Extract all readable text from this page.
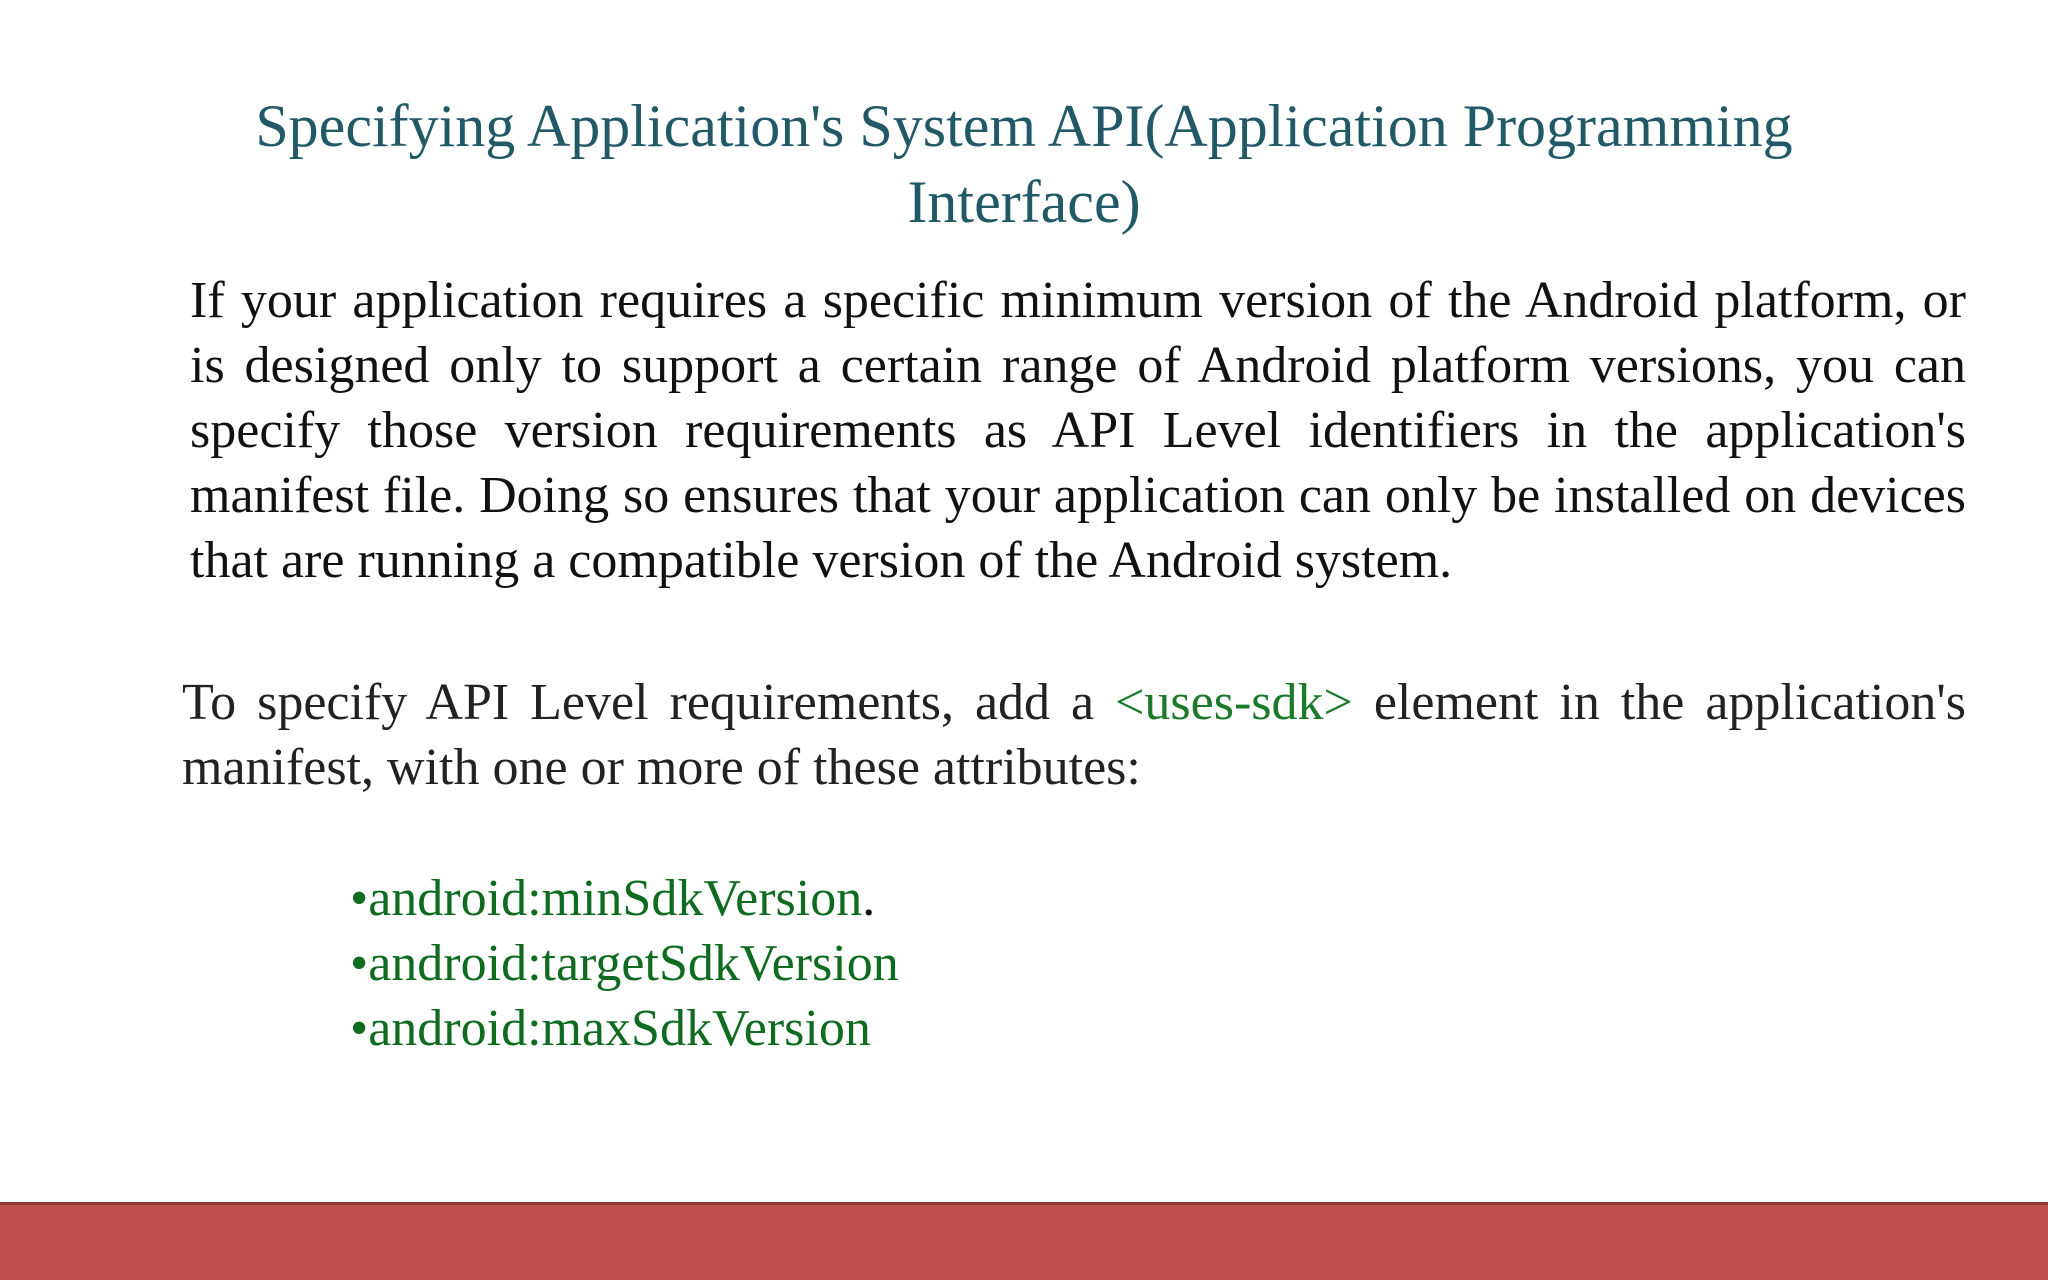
Specifying Application's System API(Application Programming Interface)

If your application requires a specific minimum version of the Android platform, or is designed only to support a certain range of Android platform versions, you can specify those version requirements as API Level identifiers in the application's manifest file. Doing so ensures that your application can only be installed on devices that are running a compatible version of the Android system.

To specify API Level requirements, add a <uses-sdk> element in the application's manifest, with one or more of these attributes:

•android:minSdkVersion.
•android:targetSdkVersion
•android:maxSdkVersion
